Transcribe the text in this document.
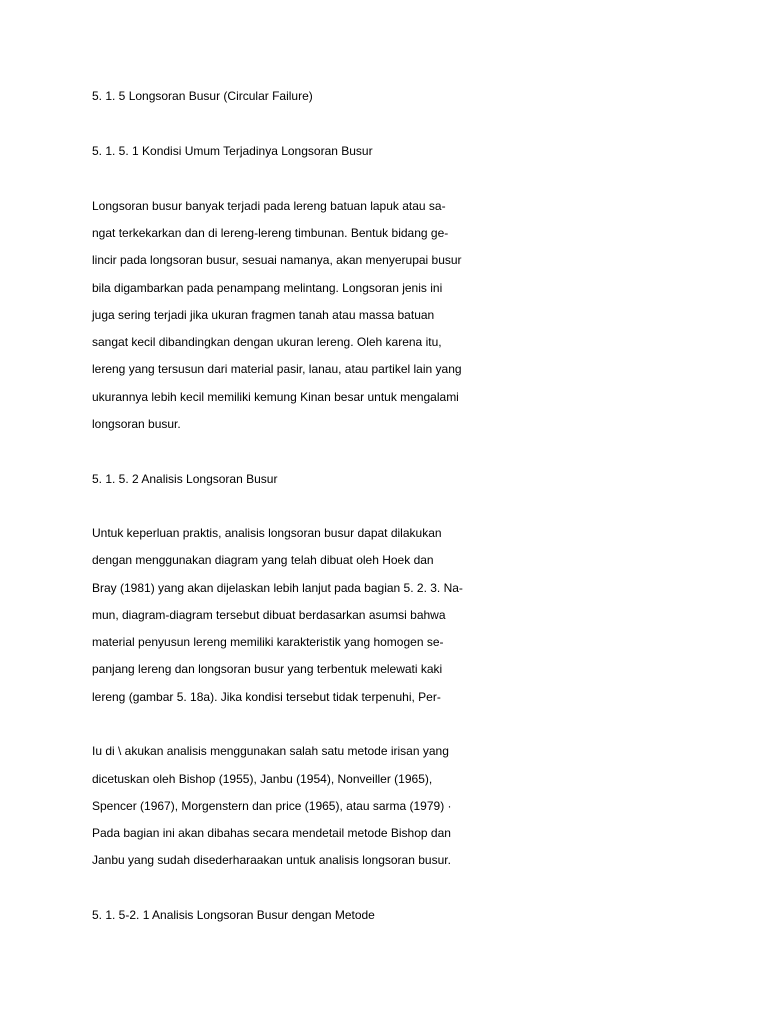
5. 1. 5 Longsoran Busur (Circular Failure)

5. 1. 5. 1 Kondisi Umum Terjadinya Longsoran Busur

Longsoran busur banyak terjadi pada lereng batuan lapuk atau sa-

ngat terkekarkan dan di lereng-lereng timbunan. Bentuk bidang ge-

lincir pada longsoran busur, sesuai namanya, akan menyerupai busur

bila digambarkan pada penampang melintang. Longsoran jenis ini

juga sering terjadi jika ukuran fragmen tanah atau massa batuan

sangat kecil dibandingkan dengan ukuran lereng. Oleh karena itu,

lereng yang tersusun dari material pasir, lanau, atau partikel lain yang

ukurannya lebih kecil memiliki kemung Kinan besar untuk mengalami

longsoran busur.

5. 1. 5. 2 Analisis Longsoran Busur

Untuk keperluan praktis, analisis longsoran busur dapat dilakukan

dengan menggunakan diagram yang telah dibuat oleh Hoek dan

Bray (1981) yang akan dijelaskan lebih lanjut pada bagian 5. 2. 3. Na-

mun, diagram-diagram tersebut dibuat berdasarkan asumsi bahwa

material penyusun lereng memiliki karakteristik yang homogen se-

panjang lereng dan longsoran busur yang terbentuk melewati kaki

lereng (gambar 5. 18a). Jika kondisi tersebut tidak terpenuhi, Per-

Iu di \ akukan analisis menggunakan salah satu metode irisan yang

dicetuskan oleh Bishop (1955), Janbu (1954), Nonveiller (1965),

Spencer (1967), Morgenstern dan price (1965), atau sarma (1979) ·

Pada bagian ini akan dibahas secara mendetail metode Bishop dan

Janbu yang sudah disederharaakan untuk analisis longsoran busur.

5. 1. 5-2. 1 Analisis Longsoran Busur dengan Metode
